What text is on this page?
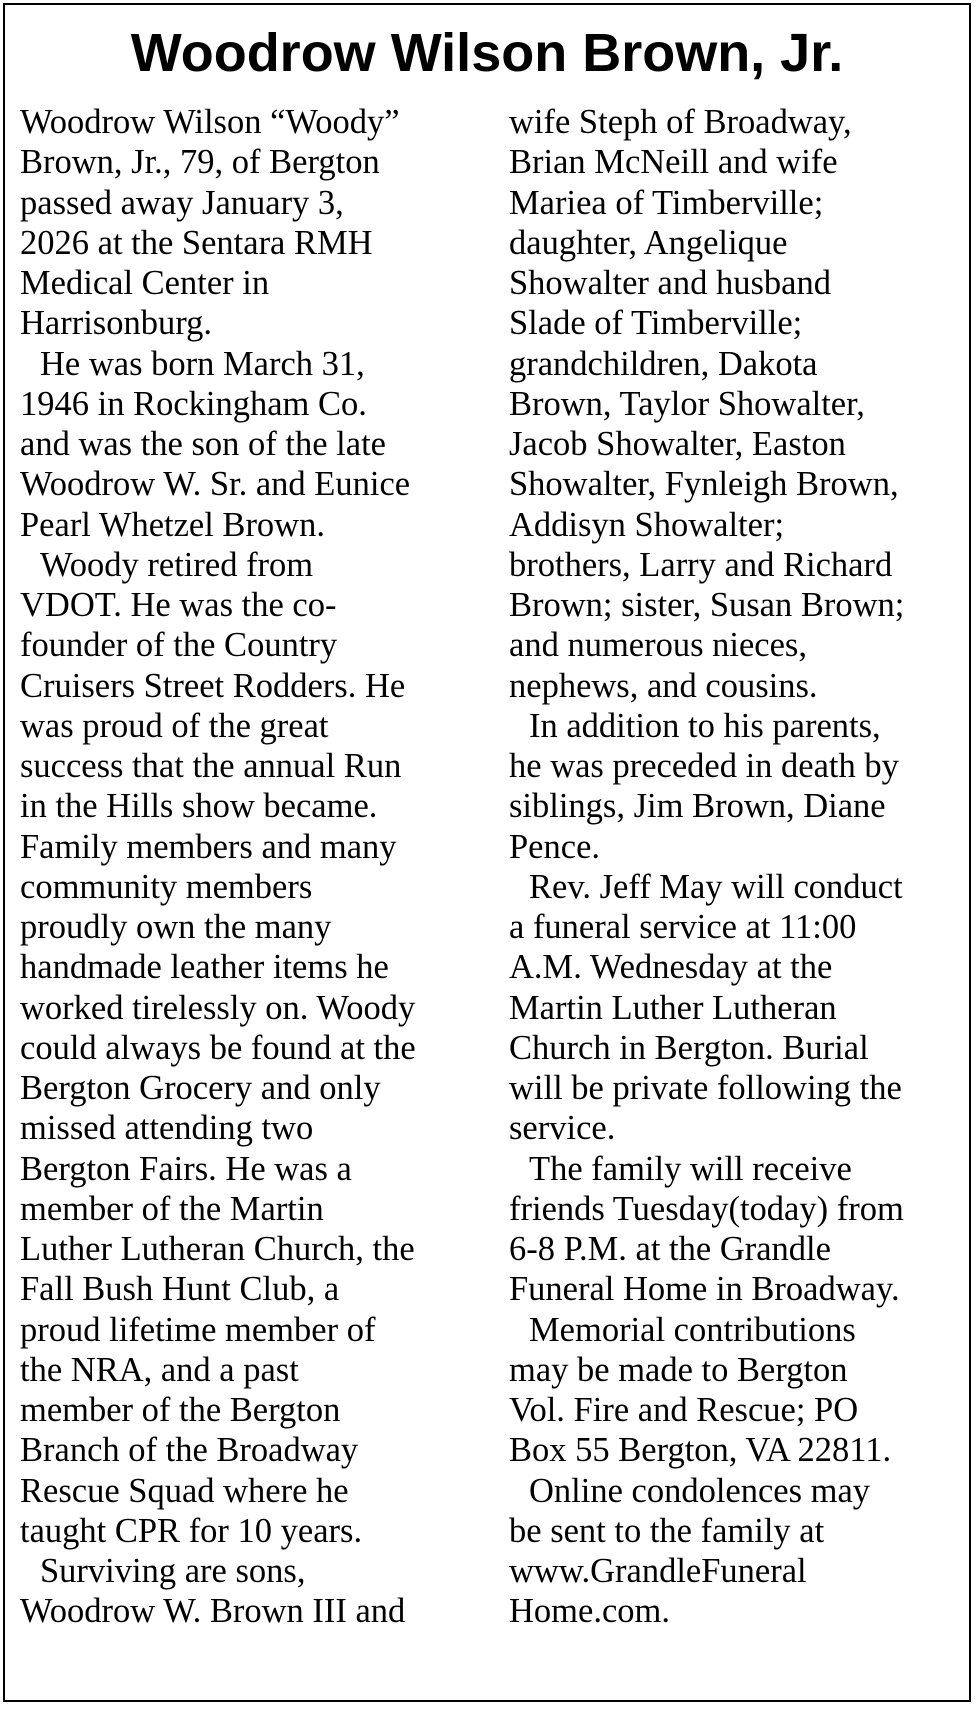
Woodrow Wilson Brown, Jr.
Woodrow Wilson “Woody”
Brown, Jr., 79, of Bergton
passed away January 3,
2026 at the Sentara RMH
Medical Center in
Harrisonburg.
He was born March 31,
1946 in Rockingham Co.
and was the son of the late
Woodrow W. Sr. and Eunice
Pearl Whetzel Brown.
Woody retired from
VDOT. He was the co-
founder of the Country
Cruisers Street Rodders. He
was proud of the great
success that the annual Run
in the Hills show became.
Family members and many
community members
proudly own the many
handmade leather items he
worked tirelessly on. Woody
could always be found at the
Bergton Grocery and only
missed attending two
Bergton Fairs. He was a
member of the Martin
Luther Lutheran Church, the
Fall Bush Hunt Club, a
proud lifetime member of
the NRA, and a past
member of the Bergton
Branch of the Broadway
Rescue Squad where he
taught CPR for 10 years.
Surviving are sons,
Woodrow W. Brown III and
wife Steph of Broadway,
Brian McNeill and wife
Mariea of Timberville;
daughter, Angelique
Showalter and husband
Slade of Timberville;
grandchildren, Dakota
Brown, Taylor Showalter,
Jacob Showalter, Easton
Showalter, Fynleigh Brown,
Addisyn Showalter;
brothers, Larry and Richard
Brown; sister, Susan Brown;
and numerous nieces,
nephews, and cousins.
In addition to his parents,
he was preceded in death by
siblings, Jim Brown, Diane
Pence.
Rev. Jeff May will conduct
a funeral service at 11:00
A.M. Wednesday at the
Martin Luther Lutheran
Church in Bergton. Burial
will be private following the
service.
The family will receive
friends Tuesday(today) from
6-8 P.M. at the Grandle
Funeral Home in Broadway.
Memorial contributions
may be made to Bergton
Vol. Fire and Rescue; PO
Box 55 Bergton, VA 22811.
Online condolences may
be sent to the family at
www.GrandleFuneral
Home.com.
